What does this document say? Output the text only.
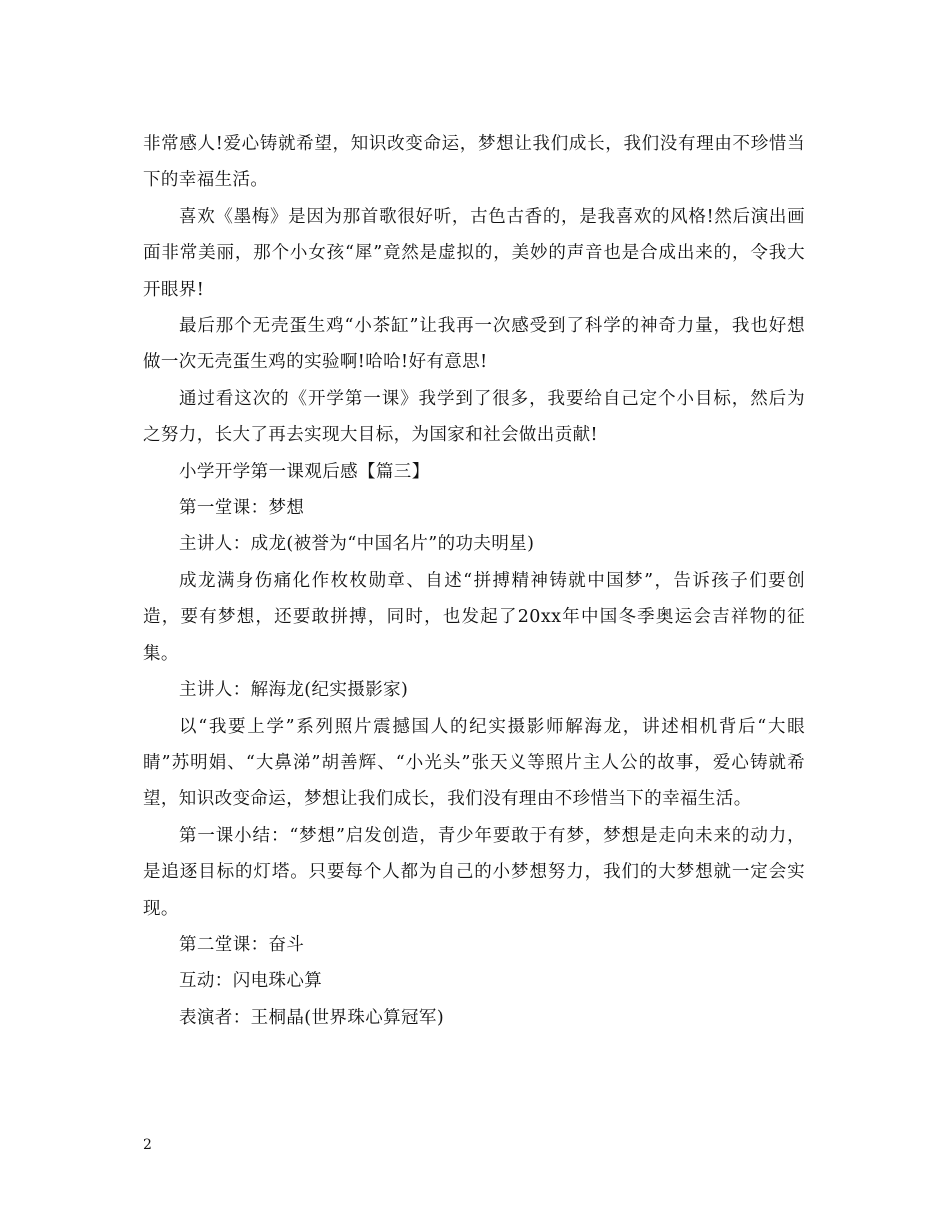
非常感人!爱心铸就希望，知识改变命运，梦想让我们成长，我们没有理由不珍惜当下的幸福生活。

喜欢《墨梅》是因为那首歌很好听，古色古香的，是我喜欢的风格!然后演出画面非常美丽，那个小女孩“犀”竟然是虚拟的，美妙的声音也是合成出来的，令我大开眼界!

最后那个无壳蛋生鸡“小茶缸”让我再一次感受到了科学的神奇力量，我也好想做一次无壳蛋生鸡的实验啊!哈哈!好有意思!

通过看这次的《开学第一课》我学到了很多，我要给自己定个小目标，然后为之努力，长大了再去实现大目标，为国家和社会做出贡献!

小学开学第一课观后感【篇三】

第一堂课：梦想

主讲人：成龙(被誉为“中国名片”的功夫明星)

成龙满身伤痛化作枚枚勋章、自述“拼搏精神铸就中国梦”，告诉孩子们要创造，要有梦想，还要敢拼搏，同时，也发起了20xx年中国冬季奥运会吉祥物的征集。

主讲人：解海龙(纪实摄影家)

以“我要上学”系列照片震撼国人的纪实摄影师解海龙，讲述相机背后“大眼睛”苏明娟、“大鼻涕”胡善辉、“小光头”张天义等照片主人公的故事，爱心铸就希望，知识改变命运，梦想让我们成长，我们没有理由不珍惜当下的幸福生活。

第一课小结：“梦想”启发创造，青少年要敢于有梦，梦想是走向未来的动力，是追逐目标的灯塔。只要每个人都为自己的小梦想努力，我们的大梦想就一定会实现。

第二堂课：奋斗

互动：闪电珠心算

表演者：王桐晶(世界珠心算冠军)

2
